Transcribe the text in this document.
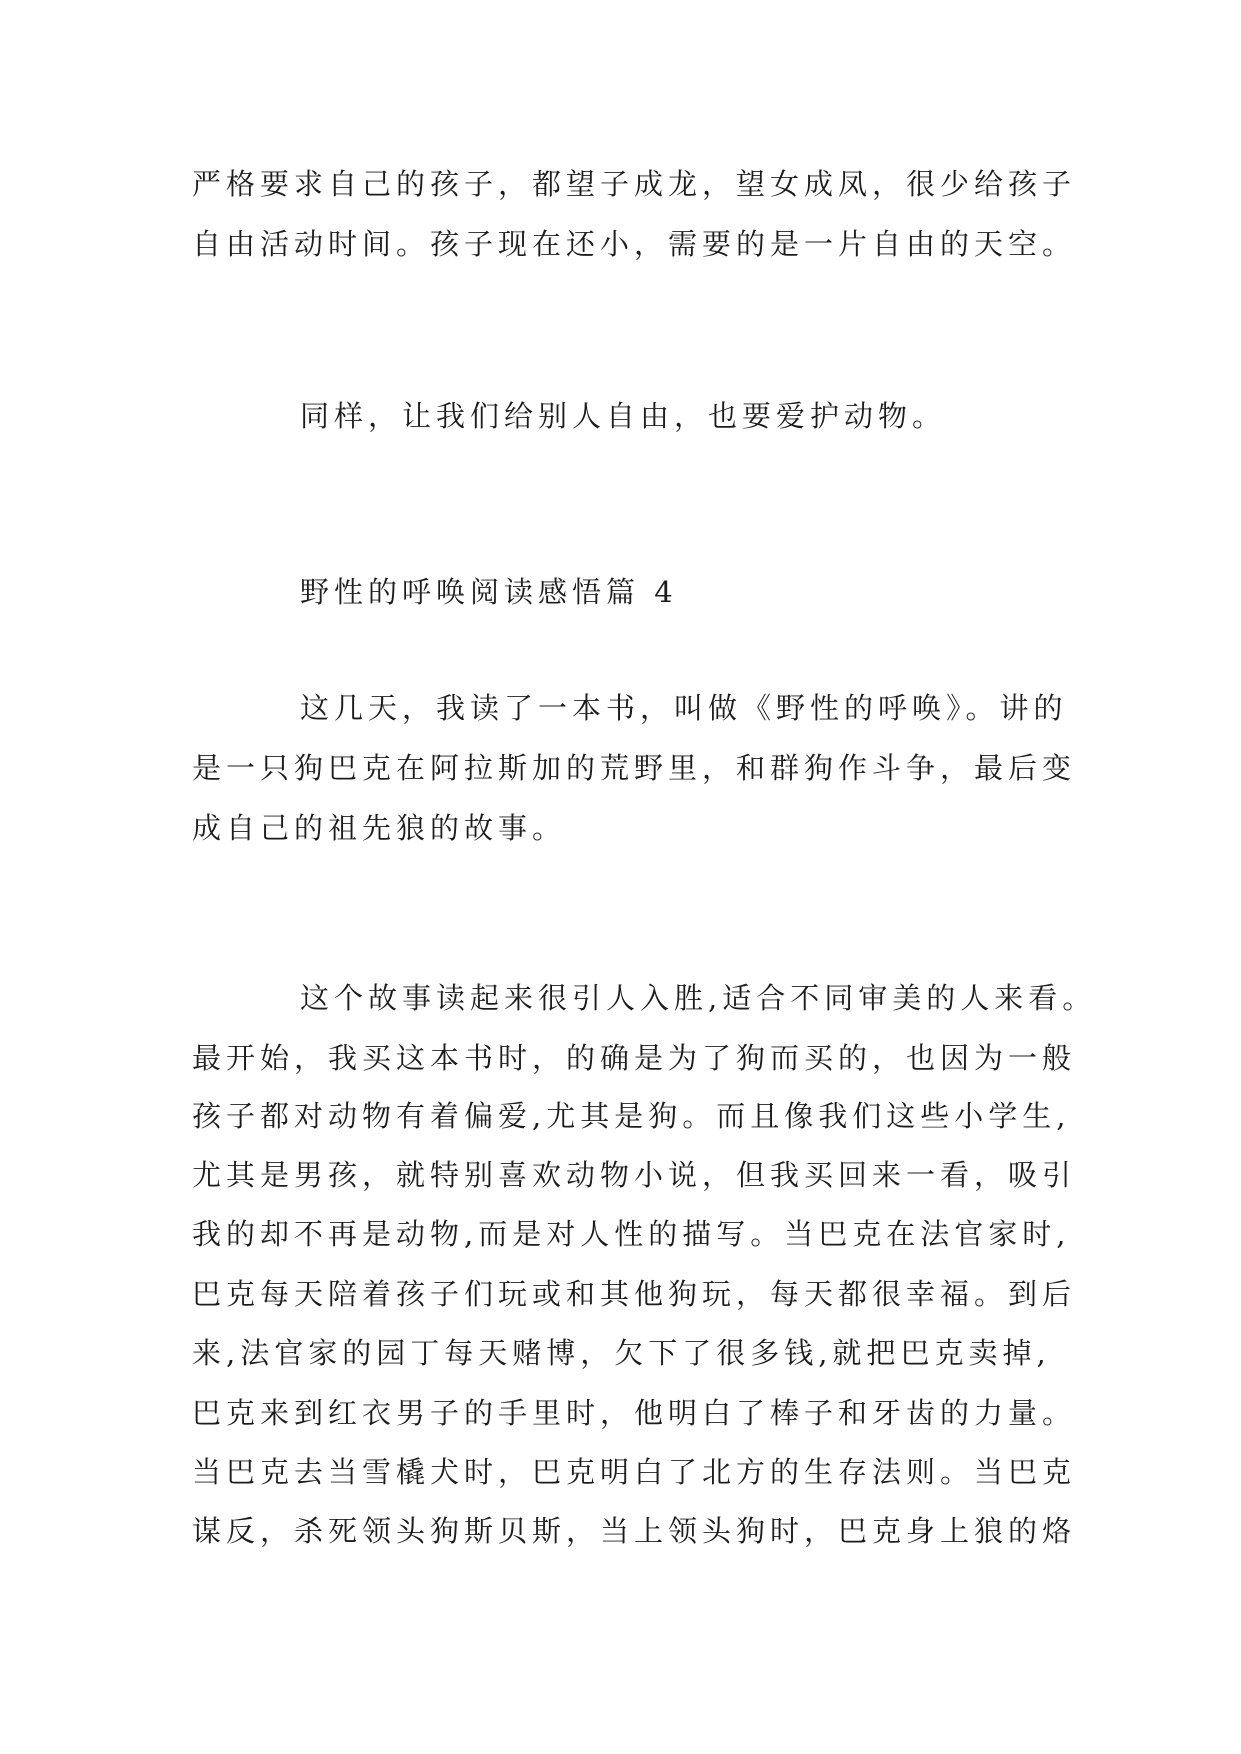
严格要求自己的孩子，都望子成龙，望女成凤，很少给孩子

自由活动时间。孩子现在还小，需要的是一片自由的天空。

同样，让我们给别人自由，也要爱护动物。

野性的呼唤阅读感悟篇 4

这几天，我读了一本书，叫做《野性的呼唤》。讲的

是一只狗巴克在阿拉斯加的荒野里，和群狗作斗争，最后变

成自己的祖先狼的故事。

这个故事读起来很引人入胜,适合不同审美的人来看。

最开始，我买这本书时，的确是为了狗而买的，也因为一般

孩子都对动物有着偏爱,尤其是狗。而且像我们这些小学生,

尤其是男孩，就特别喜欢动物小说，但我买回来一看，吸引

我的却不再是动物,而是对人性的描写。当巴克在法官家时,

巴克每天陪着孩子们玩或和其他狗玩，每天都很幸福。到后

来,法官家的园丁每天赌博，欠下了很多钱,就把巴克卖掉,

巴克来到红衣男子的手里时，他明白了棒子和牙齿的力量。

当巴克去当雪橇犬时，巴克明白了北方的生存法则。当巴克

谋反，杀死领头狗斯贝斯，当上领头狗时，巴克身上狼的烙
